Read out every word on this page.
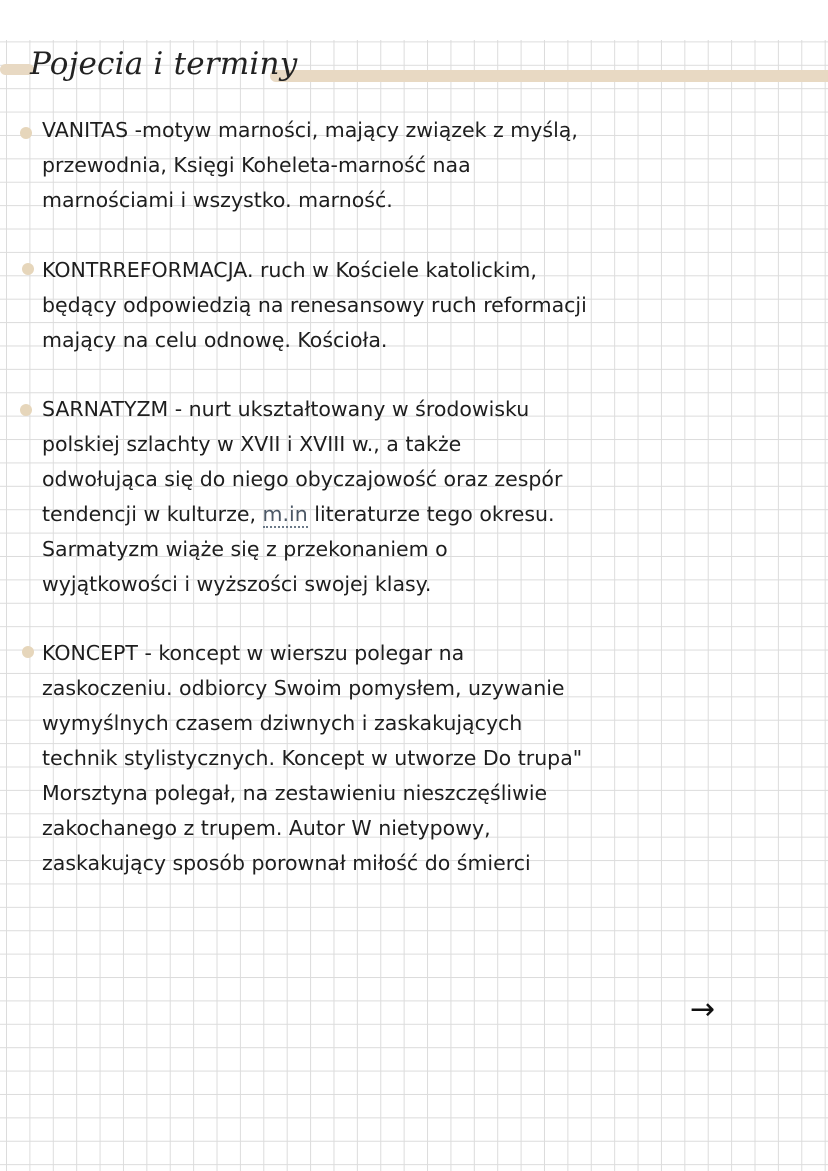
Pojecia i terminy
VANITAS -motyw marności, mający związek z myślą,
przewodnia, Księgi Koheleta-marność naa
marnościami i wszystko. marność.
KONTRREFORMACJA. ruch w Kościele katolickim,
będący odpowiedzią na renesansowy ruch reformacji
mający na celu odnowę. Kościoła.
SARNATYZM - nurt ukształtowany w środowisku
polskiej szlachty w XVII i XVIII w., a także
odwołująca się do niego obyczajowość oraz zespór
tendencji w kulturze, m.in literaturze tego okresu.
Sarmatyzm wiąże się z przekonaniem o
wyjątkowości i wyższości swojej klasy.
KONCEPT - koncept w wierszu polegar na
zaskoczeniu. odbiorcy Swoim pomysłem, uzywanie
wymyślnych czasem dziwnych i zaskakujących
technik stylistycznych. Koncept w utworze Do trupa"
Morsztyna polegał, na zestawieniu nieszczęśliwie
zakochanego z trupem. Autor W nietypowy,
zaskakujący sposób porownał miłość do śmierci
→
